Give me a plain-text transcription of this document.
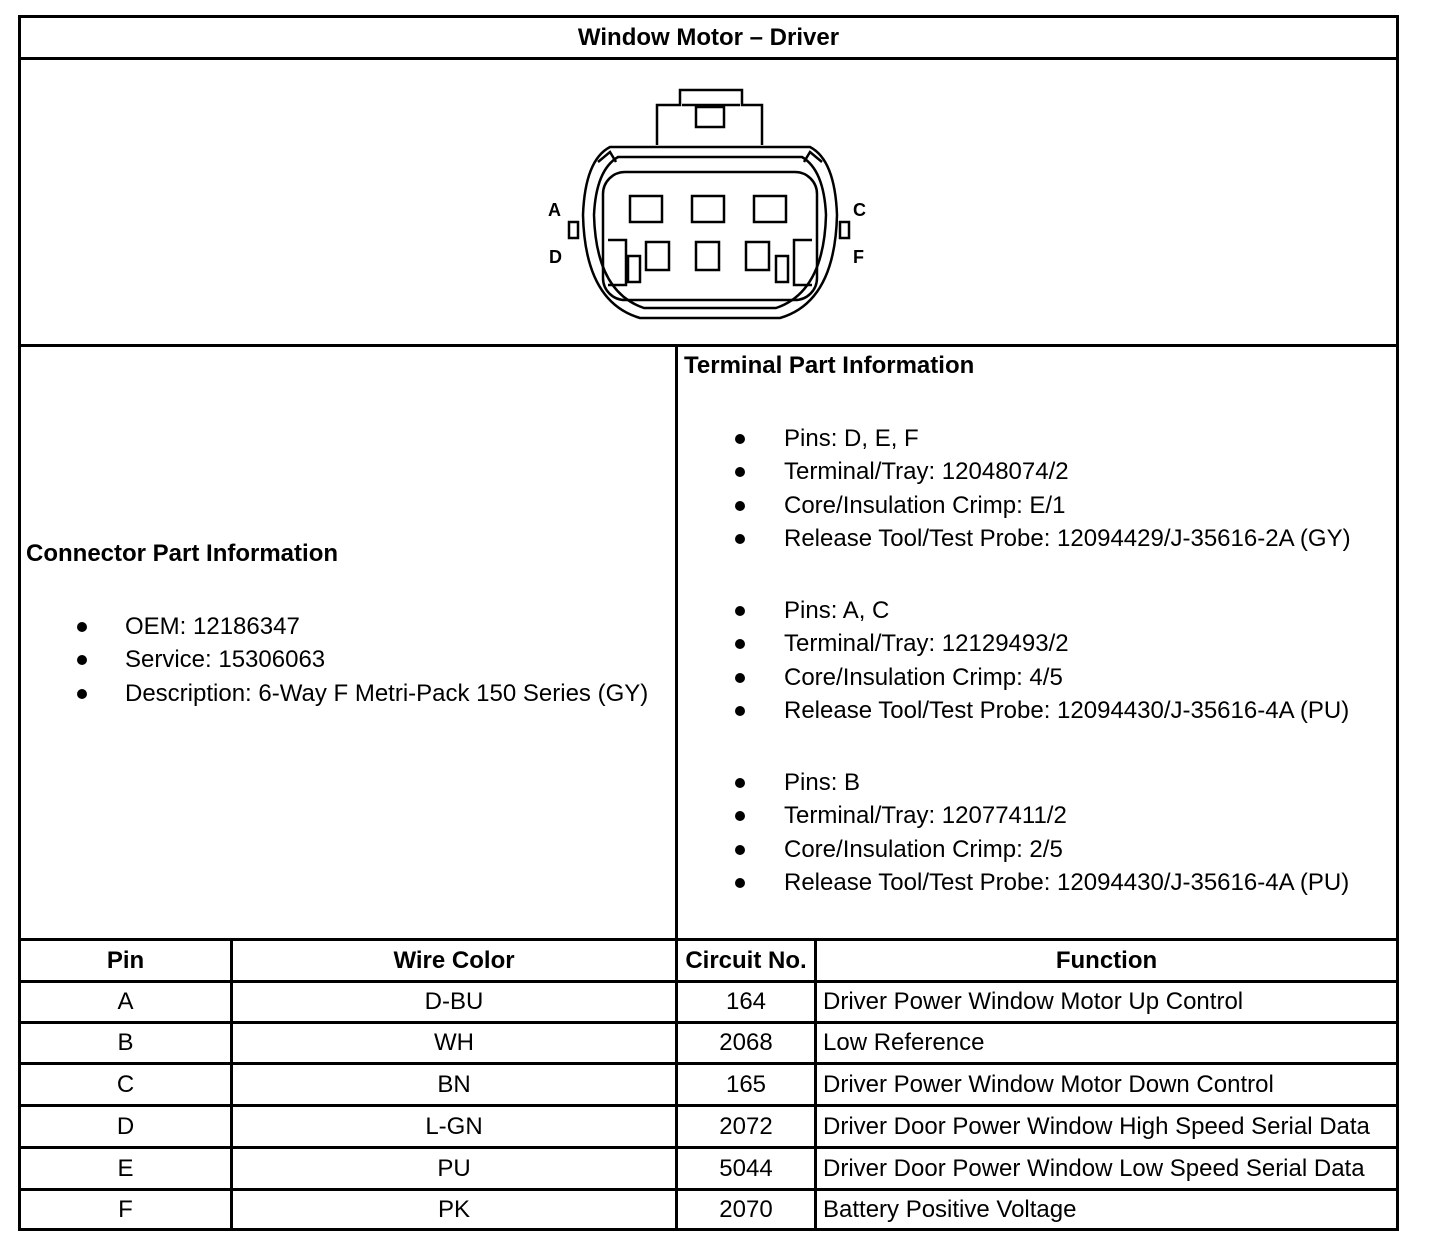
Window Motor – Driver
A
D
C
F
Connector Part Information
OEM: 12186347
Service: 15306063
Description: 6-Way F Metri-Pack 150 Series (GY)
Terminal Part Information
Pins: D, E, F
Terminal/Tray: 12048074/2
Core/Insulation Crimp: E/1
Release Tool/Test Probe: 12094429/J-35616-2A (GY)
Pins: A, C
Terminal/Tray: 12129493/2
Core/Insulation Crimp: 4/5
Release Tool/Test Probe: 12094430/J-35616-4A (PU)
Pins: B
Terminal/Tray: 12077411/2
Core/Insulation Crimp: 2/5
Release Tool/Test Probe: 12094430/J-35616-4A (PU)
Pin	Wire Color	Circuit No.	Function
A	D-BU	164	Driver Power Window Motor Up Control
B	WH	2068	Low Reference
C	BN	165	Driver Power Window Motor Down Control
D	L-GN	2072	Driver Door Power Window High Speed Serial Data
E	PU	5044	Driver Door Power Window Low Speed Serial Data
F	PK	2070	Battery Positive Voltage
